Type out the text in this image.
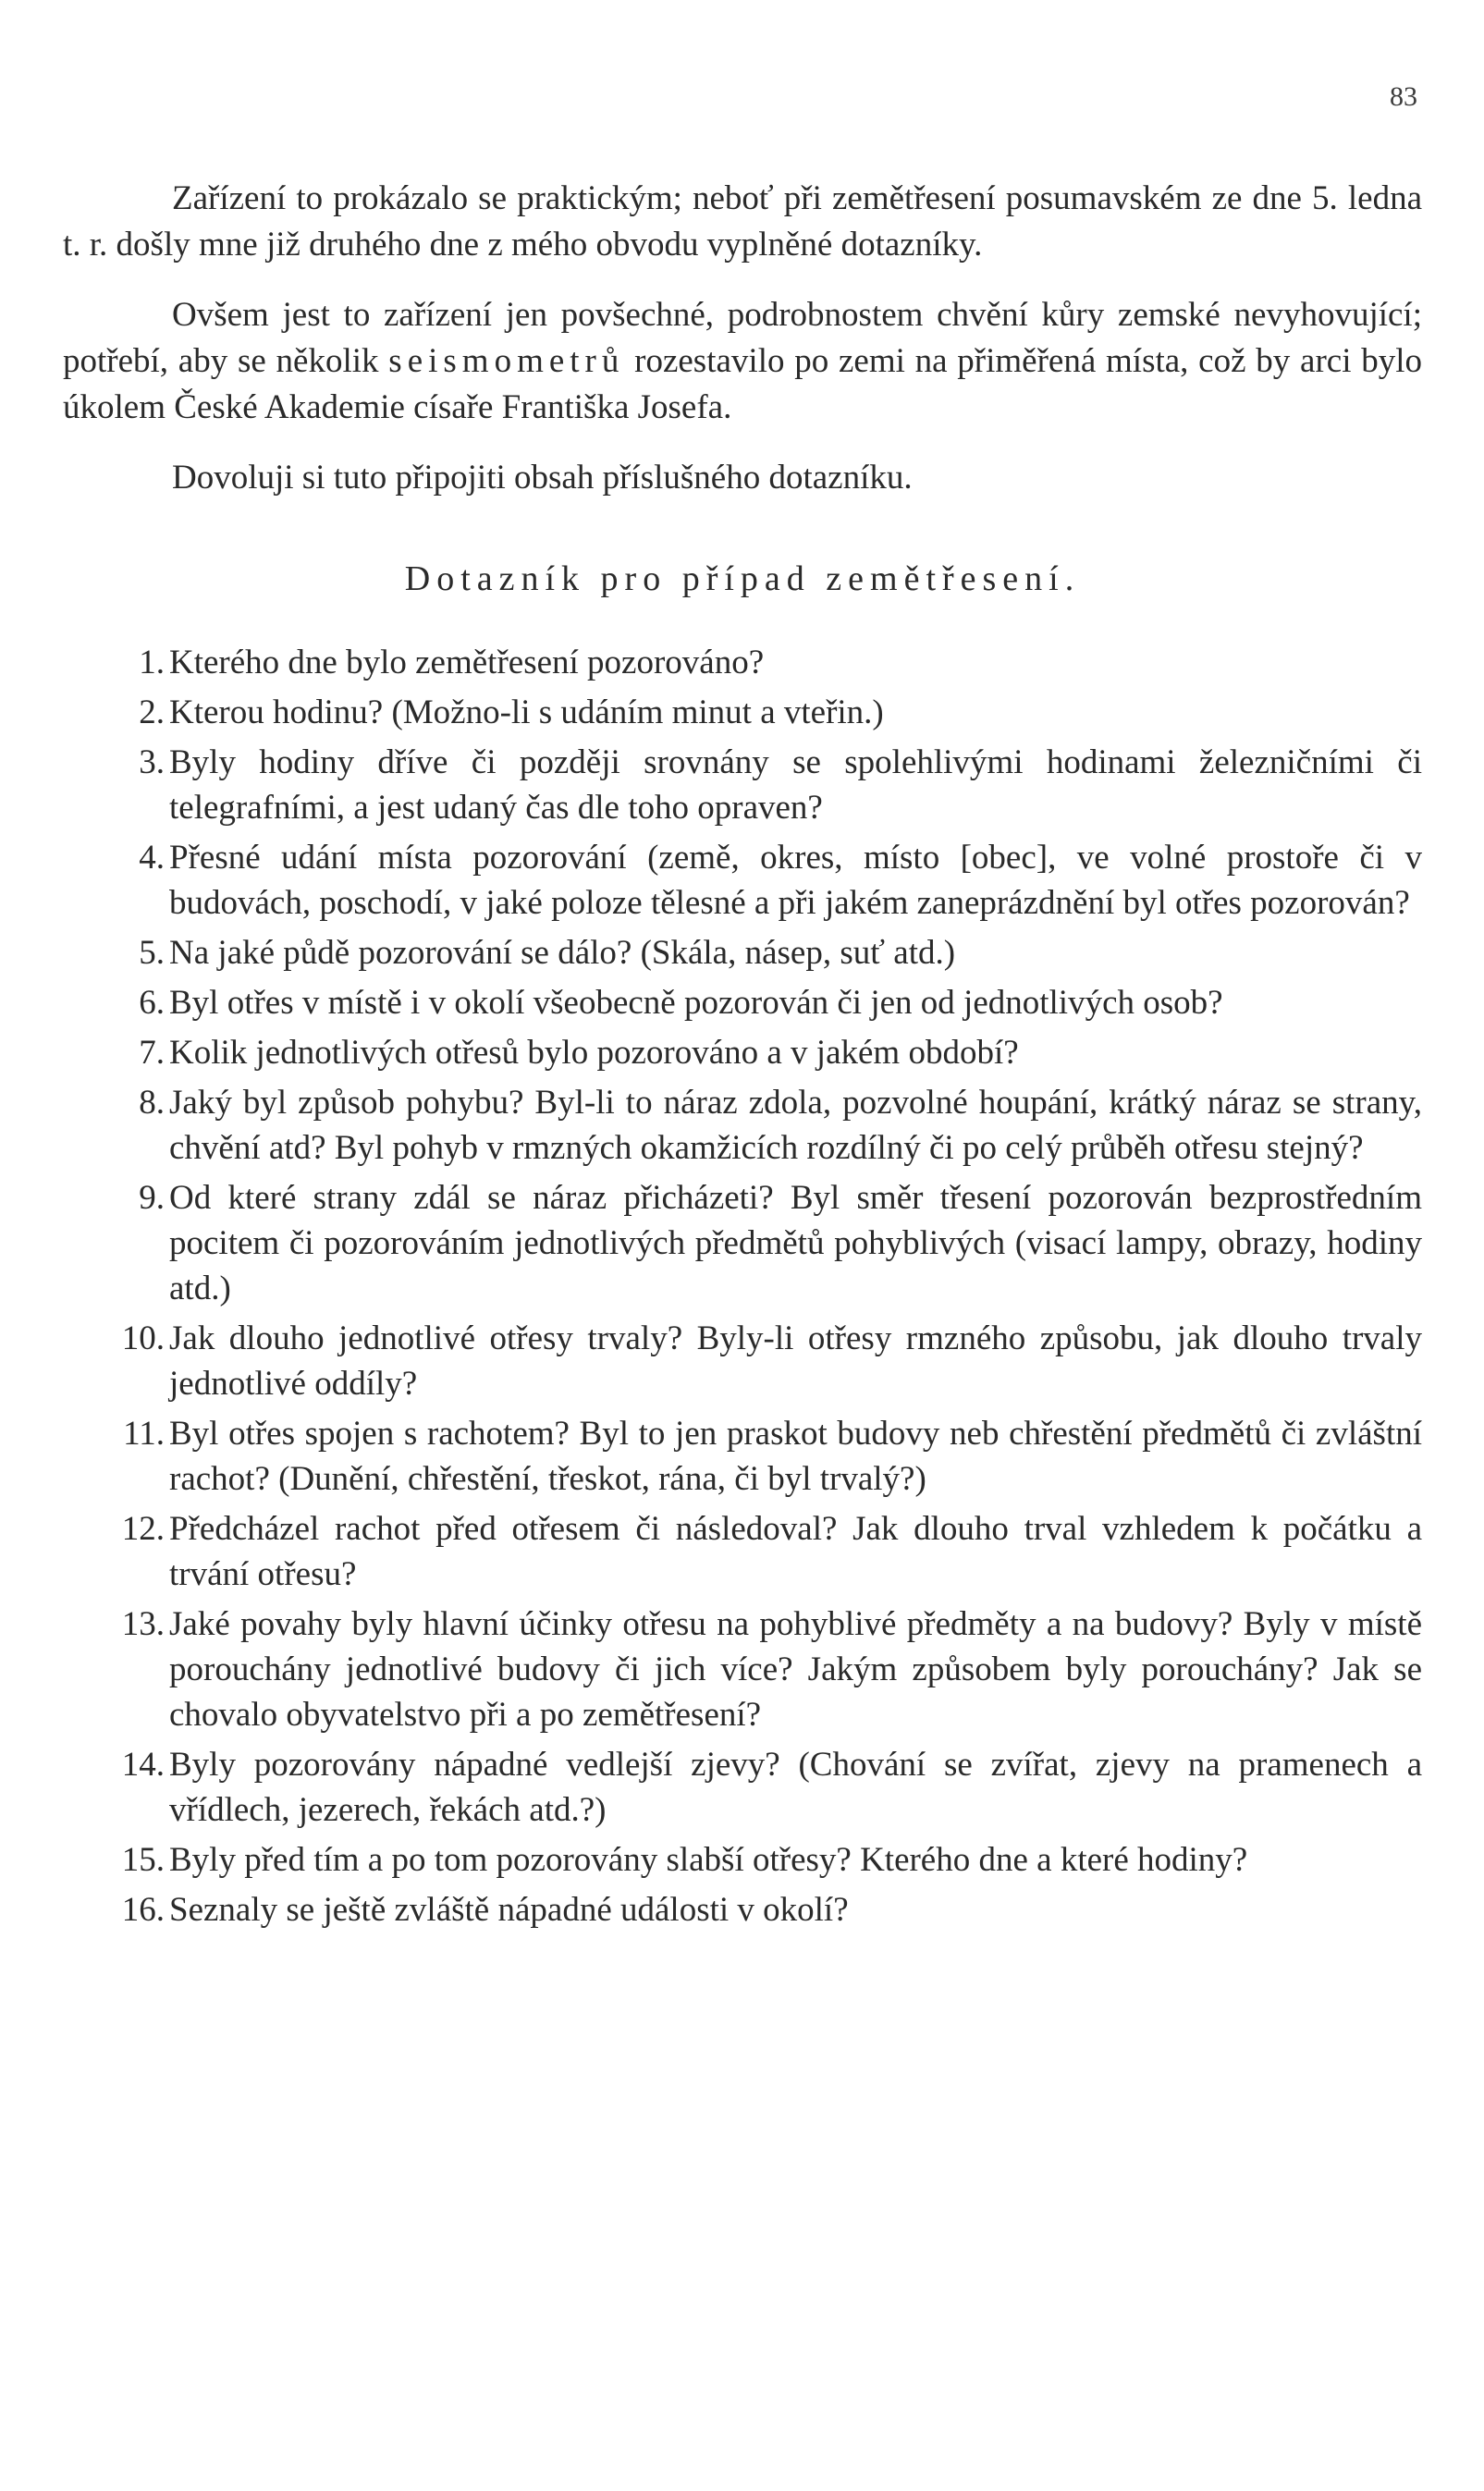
83

Zařízení to prokázalo se praktickým; neboť při zemětřesení posumavském ze dne 5. ledna t. r. došly mne již druhého dne z mého obvodu vyplněné dotazníky.

Ovšem jest to zařízení jen povšechné, podrobnostem chvění kůry zemské nevyhovující; potřebí, aby se několik seismometrů rozestavilo po zemi na přiměřená místa, což by arci bylo úkolem České Akademie císaře Františka Josefa.

Dovoluji si tuto připojiti obsah příslušného dotazníku.

Dotazník pro případ zemětřesení.
1. Kterého dne bylo zemětřesení pozorováno?
2. Kterou hodinu? (Možno-li s udáním minut a vteřin.)
3. Byly hodiny dříve či později srovnány se spolehlivými hodinami železničními či telegrafními, a jest udaný čas dle toho opraven?
4. Přesné udání místa pozorování (země, okres, místo [obec], ve volné prostoře či v budovách, poschodí, v jaké poloze tělesné a při jakém zaneprázdnění byl otřes pozorován?
5. Na jaké půdě pozorování se dálo? (Skála, násep, suť atd.)
6. Byl otřes v místě i v okolí všeobecně pozorován či jen od jednotlivých osob?
7. Kolik jednotlivých otřesů bylo pozorováno a v jakém období?
8. Jaký byl způsob pohybu? Byl-li to náraz zdola, pozvolné houpání, krátký náraz se strany, chvění atd? Byl pohyb v rmzných okamžicích rozdílný či po celý průběh otřesu stejný?
9. Od které strany zdál se náraz přicházeti? Byl směr třesení pozorován bezprostředním pocitem či pozorováním jednotlivých předmětů pohyblivých (visací lampy, obrazy, hodiny atd.)
10. Jak dlouho jednotlivé otřesy trvaly? Byly-li otřesy rmzného způsobu, jak dlouho trvaly jednotlivé oddíly?
11. Byl otřes spojen s rachotem? Byl to jen praskot budovy neb chřestění předmětů či zvláštní rachot? (Dunění, chřestění, třeskot, rána, či byl trvalý?)
12. Předcházel rachot před otřesem či následoval? Jak dlouho trval vzhledem k počátku a trvání otřesu?
13. Jaké povahy byly hlavní účinky otřesu na pohyblivé předměty a na budovy? Byly v místě porouchány jednotlivé budovy či jich více? Jakým způsobem byly porouchány? Jak se chovalo obyvatelstvo při a po zemětřesení?
14. Byly pozorovány nápadné vedlejší zjevy? (Chování se zvířat, zjevy na pramenech a vřídlech, jezerech, řekách atd.?)
15. Byly před tím a po tom pozorovány slabší otřesy? Kterého dne a které hodiny?
16. Seznaly se ještě zvláště nápadné události v okolí?
